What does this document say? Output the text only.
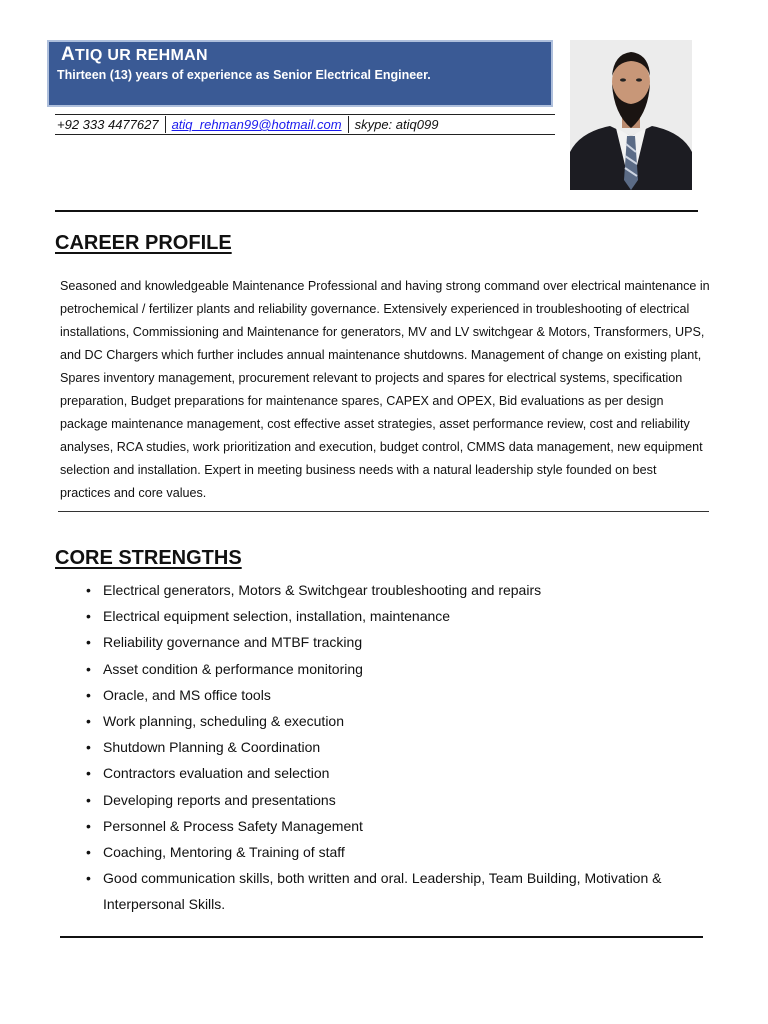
ATIQ UR REHMAN
Thirteen (13) years of experience as Senior Electrical Engineer.
+92 333 4477627	atiq_rehman99@hotmail.com	skype: atiq099
CAREER PROFILE
Seasoned and knowledgeable Maintenance Professional and having strong command over electrical maintenance in petrochemical / fertilizer plants and reliability governance. Extensively experienced in troubleshooting of electrical installations, Commissioning and Maintenance for generators, MV and LV switchgear & Motors, Transformers, UPS, and DC Chargers which further includes annual maintenance shutdowns. Management of change on existing plant, Spares inventory management, procurement relevant to projects and spares for electrical systems, specification preparation, Budget preparations for maintenance spares, CAPEX and OPEX, Bid evaluations as per design package maintenance management, cost effective asset strategies, asset performance review, cost and reliability analyses, RCA studies, work prioritization and execution, budget control, CMMS data management, new equipment selection and installation. Expert in meeting business needs with a natural leadership style founded on best practices and core values.
CORE STRENGTHS
• Electrical generators, Motors & Switchgear troubleshooting and repairs
• Electrical equipment selection, installation, maintenance
• Reliability governance and MTBF tracking
• Asset condition & performance monitoring
• Oracle, and MS office tools
• Work planning, scheduling & execution
• Shutdown Planning & Coordination
• Contractors evaluation and selection
• Developing reports and presentations
• Personnel & Process Safety Management
• Coaching, Mentoring & Training of staff
• Good communication skills, both written and oral. Leadership, Team Building, Motivation & Interpersonal Skills.
